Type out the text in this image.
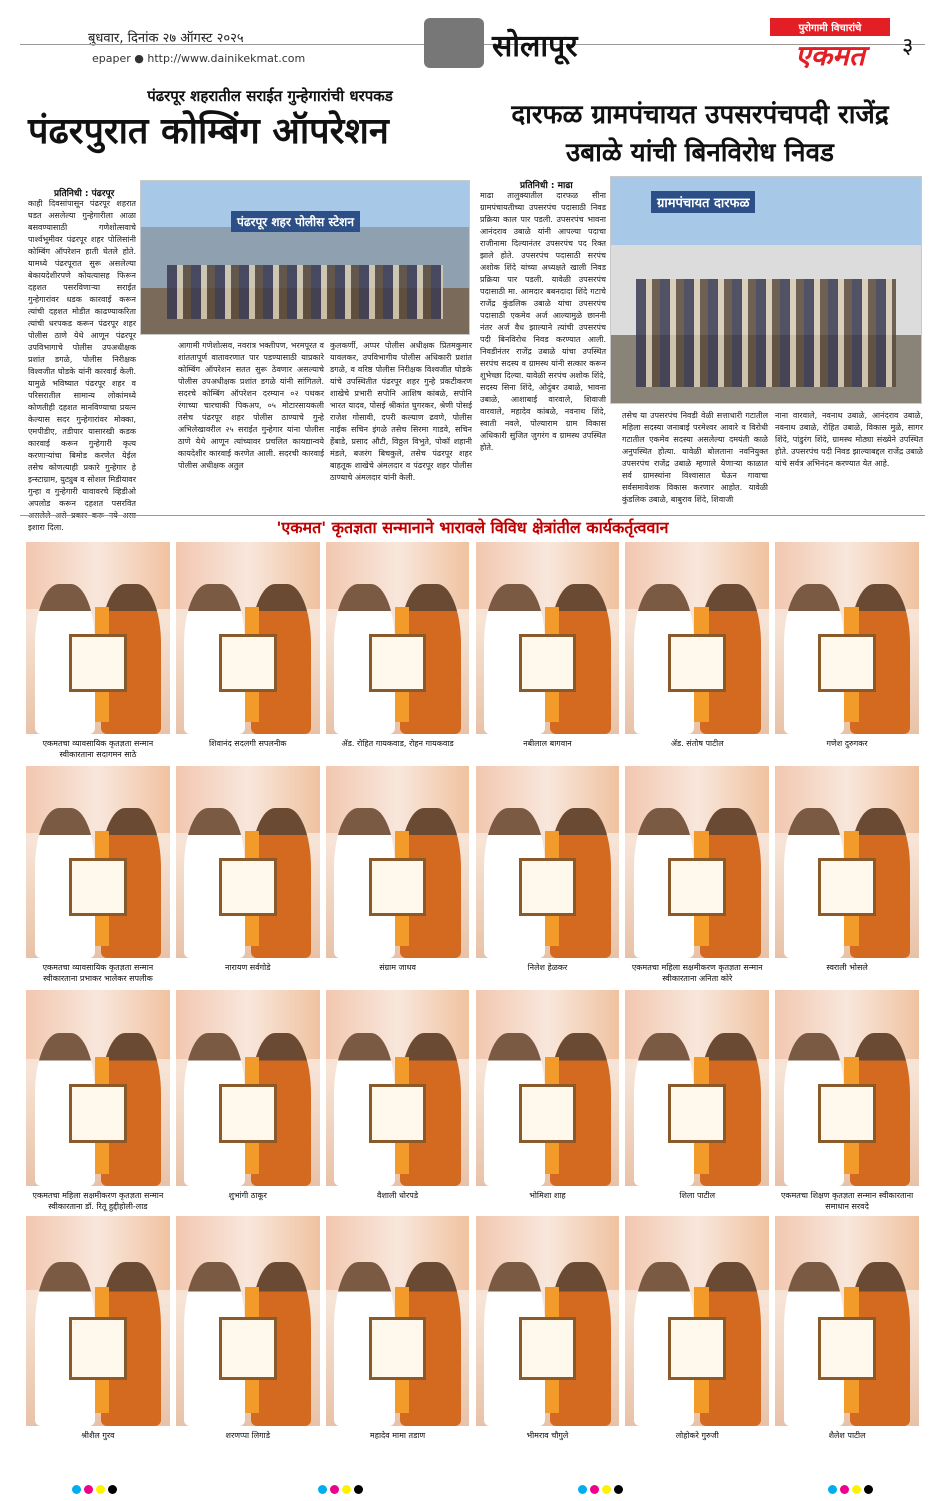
बुधवार, दिनांक २७ ऑगस्ट २०२५
epaper ● http://www.dainikekmat.com	सोलापूर
पुरोगामी विचारांचे
एकमत	३
पंढरपूर शहरातील सराईत गुन्हेगारांची धरपकड
पंढरपुरात कोम्बिंग ऑपरेशन
प्रतिनिधी : पंढरपूर
पंढरपूर शहर पोलीस स्टेशन
काही दिवसांपासून पंढरपूर शहरात घडत असलेल्या गुन्हेगारीला आळा बसवण्यासाठी गणेशोत्सवाचे पार्श्वभूमीवर पंढरपूर शहर पोलिसांनी कोम्बिंग ऑपरेशन हाती घेतले होते. यामध्ये पंढरपूरात सुरू असलेल्या बेकायदेशीरपणे कोयत्यासह फिरून दहशत पसरविणाऱ्या सराईत गुन्हेगारांवर धडक कारवाई करून त्यांची दहशत मोडीत काढण्याकरिता त्यांची धरपकड करून पंढरपूर शहर पोलीस ठाणे येथे आणून पंढरपूर उपविभागाचे पोलीस उपअधीक्षक प्रशांत डगळे, पोलीस निरीक्षक विश्वजीत घोडके यांनी कारवाई केली. यामुळे भविष्यात पंढरपूर शहर व परिसरातील सामान्य लोकांमध्ये कोणतीही दहशत मानविण्याचा प्रयत्न केल्यास सदर गुन्हेगारांवर मोक्का, एमपीडीए, तडीपार यासारखी कडक कारवाई करून गुन्हेगारी कृत्य करणाऱ्यांचा बिमोड करणेत येईल तसेच कोणत्याही प्रकारे गुन्हेगार हे इन्स्टाग्राम, युट्युब व सोशल मिडीयावर गुन्हा व गुन्हेगारी यावावरचे व्हिडीओ अपलोड करून दहशत पसरवित असलेले असे प्रकार करू नये असा इशारा दिला.
आगामी गणेशोत्सव, नवरात्र भक्तीपण, भरमपूरत व शांततापूर्ण वातावरणात पार पडण्यासाठी याप्रकारे कोम्बिंग ऑपरेशन सतत सुरू ठेवणार असल्याचे पोलीस उपअधीक्षक प्रशांत डगळे यांनी सांगितले. सदरचे कोम्बिंग ऑपरेशन दरम्यान ०२ पथकर रंगाच्या चारचाकी पिकअप, ०५ मोटारसायकली तसेच पंढरपूर शहर पोलीस ठाण्याचे गुन्हे अभिलेखावरील २५ सराईत गुन्हेगार यांना पोलीस ठाणे येथे आणून त्यांच्यावर प्रचलित कायद्यान्वये कायदेशीर कारवाई करणेत आली. सदरची कारवाई पोलीस अधीक्षक अतुल
कुलकर्णी, अप्पर पोलीस अधीक्षक प्रितमकुमार यावलकर, उपविभागीय पोलीस अधिकारी प्रशांत डगळे, व वरिष्ठ पोलीस निरीक्षक विश्वजीत घोडके यांचे उपस्थितीत पंढरपूर शहर गुन्हे प्रकटीकरण शाखेचे प्रभारी सपोनि आशिष कांबळे, सपोनि भारत यादव, पोसई श्रीकांत घुगरकर, श्रेणी पोसई राजेश गोसावी, दपरी कल्याण ढवणे, पोलीस नाईक सचिन इंगळे तसेच सिरमा गाडवे, सचिन हेंबाडे, प्रसाद औटी, विठ्ठल विभुते, पोकॉ शहानी मंडले, बजरंग बिचकुले, तसेच पंढरपूर शहर बाहतूक शाखेचे अंमलदार व पंढरपूर शहर पोलीस ठाण्याचे अंमलदार यांनी केली.
दारफळ ग्रामपंचायत उपसरपंचपदी राजेंद्र उबाळे यांची बिनविरोध निवड
प्रतिनिधी : माढा
ग्रामपंचायत दारफळ
माढा तालुक्यातील दारफळ सीना ग्रामपंचायतीच्या उपसरपंच पदासाठी निवड प्रक्रिया काल पार पडली. उपसरपंच भावना आनंदराव उबाळे यांनी आपल्या पदाचा राजीनामा दिल्यानंतर उपसरपंच पद रिक्त झाले होते. उपसरपंच पदासाठी सरपंच अशोक शिंदे यांच्या अध्यक्षते खाली निवड प्रक्रिया पार पडली. यावेळी उपसरपंच पदासाठी मा. आमदार बबनदादा शिंदे गटाचे राजेंद्र कुंडलिक उबाळे यांचा उपसरपंच पदासाठी एकमेव अर्ज आल्यामुळे छाननी नंतर अर्ज वैध झाल्याने त्यांची उपसरपंच पदी बिनविरोध निवड करण्यात आली. निवडीनंतर राजेंद्र उबाळे यांचा उपस्थित सरपंच सदस्य व ग्रामस्थ यांनी सत्कार करून शुभेच्छा दिल्या. यावेळी सरपंच अशोक शिंदे, सदस्य सिना शिंदे, ओदुंबर उबाळे, भावना उबाळे, आशाबाई वारवाले, शिवाजी वारवाले, महादेव कांबळे, नवनाथ शिंदे, स्वाती नवले, पोल्याराम ग्राम विकास अधिकारी सुजित जुगरंग व ग्रामस्थ उपस्थित होते.
तसेच या उपसरपंच निवडी वेळी सत्ताधारी गटातील महिला सदस्या जनाबाई परमेश्वर आवारे व विरोधी गटातील एकमेव सदस्या असलेल्या दमयंती काळे अनुपस्थित होत्या. यावेळी बोलताना नवनियुक्त उपसरपंच राजेंद्र उबाळे म्हणाले येणाऱ्या काळात सर्व ग्रामस्थांना विश्वासात घेऊन गावाचा सर्वसमावेशक विकास करणार आहोत. यावेळी कुंडलिक उबाळे, बाबुराव शिंदे, शिवाजी
नाना वारवाले, नवनाथ उबाळे, आनंदराव उबाळे, नवनाथ उबाळे, रोहित उबाळे, विकास मुळे, सागर शिंदे, पांडुरंग शिंदे, ग्रामस्थ मोठ्या संख्येने उपस्थित होते. उपसरपंच पदी निवड झाल्याबद्दल राजेंद्र उबाळे यांचे सर्वत्र अभिनंदन करण्यात येत आहे.
'एकमत' कृतज्ञता सन्मानाने भारावले विविध क्षेत्रांतील कार्यकर्तृत्ववान
एकमतचा व्यावसायिक कृतज्ञता सन्मान स्वीकारताना सदागमन साठे
शिवानंद सदलगी सपलनीक	ॲड. रोहित गायकवाड, रोहन गायकवाड	नबीलाल बागवान	ॲड. संतोष पाटील	गणेश दुरुगकर
एकमतचा व्यावसायिक कृतज्ञता सन्मान स्वीकारताना प्रभाकर भालेकर सपलीक
नारायण सर्वगोडे	संग्राम जाधव	निलेश हेळकर	एकमतचा महिला सक्षमीकरण कृतज्ञता सन्मान स्वीकारताना अनिता कोरे
स्वराली भोसले
एकमतचा महिला सक्षमीकरण कृतज्ञता सन्मान स्वीकारताना डॉ. रितू हुद्दीहोली-लाड
शुभांगी ठाकूर	वैशाली धोरपडे	भोमिशा शाह	शिला पाटील	एकमतचा शिक्षण कृतज्ञता सन्मान स्वीकारताना समाधान सरवदे
श्रीशैल गुरव	शरणप्पा लिगाडे	महादेव मामा तडाण	भीमराव चौगुले	लोहोकरे गुरुजी	शैलेश पाटील
